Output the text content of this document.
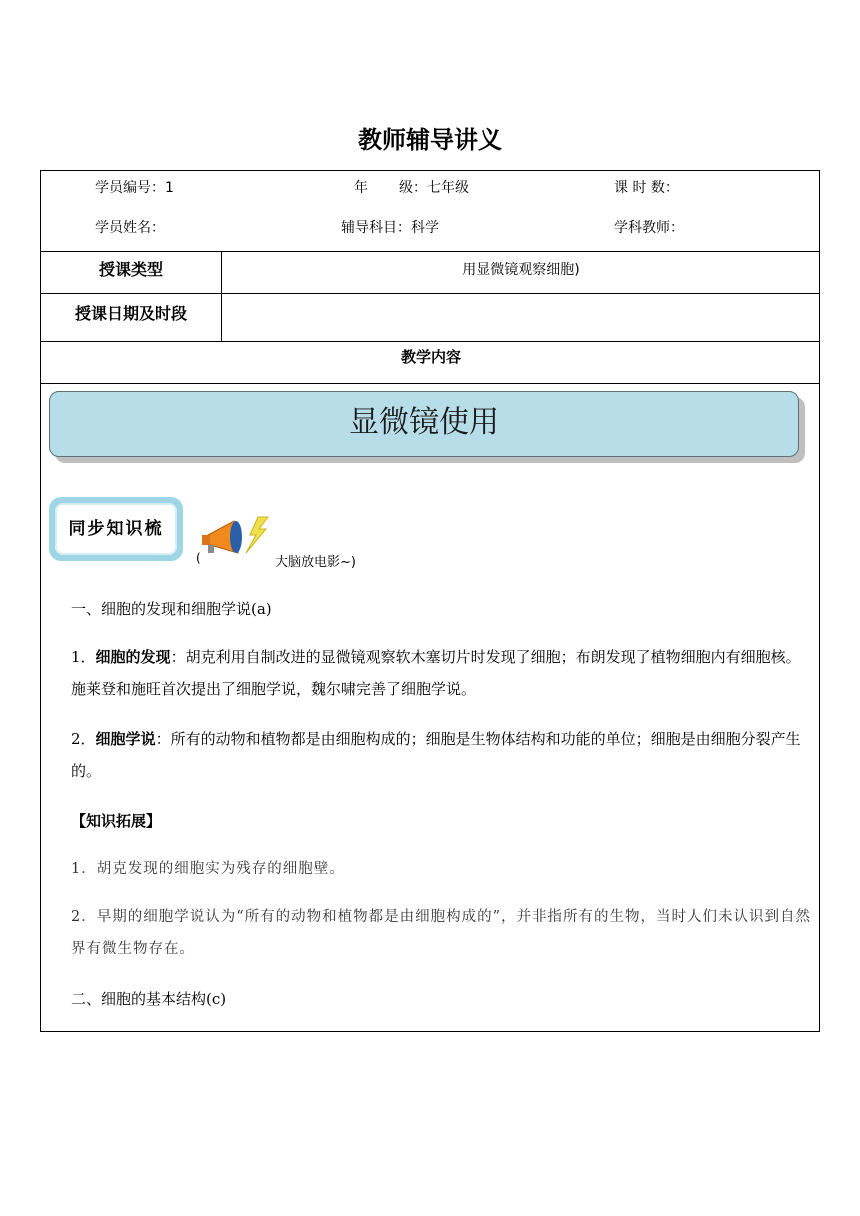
教师辅导讲义
学员编号：1	年 级：七年级	课 时 数：
学员姓名：	辅导科目：科学	学科教师：
授课类型	用显微镜观察细胞)
授课日期及时段
教学内容
显微镜使用
同步知识梳
(	大脑放电影~)
一、细胞的发现和细胞学说(a)
1．细胞的发现：胡克利用自制改进的显微镜观察软木塞切片时发现了细胞；布朗发现了植物细胞内有细胞核。施莱登和施旺首次提出了细胞学说，魏尔啸完善了细胞学说。
2．细胞学说：所有的动物和植物都是由细胞构成的；细胞是生物体结构和功能的单位；细胞是由细胞分裂产生的。
【知识拓展】
1．胡克发现的细胞实为残存的细胞壁。
2．早期的细胞学说认为“所有的动物和植物都是由细胞构成的”，并非指所有的生物，当时人们未认识到自然界有微生物存在。
二、细胞的基本结构(c)
